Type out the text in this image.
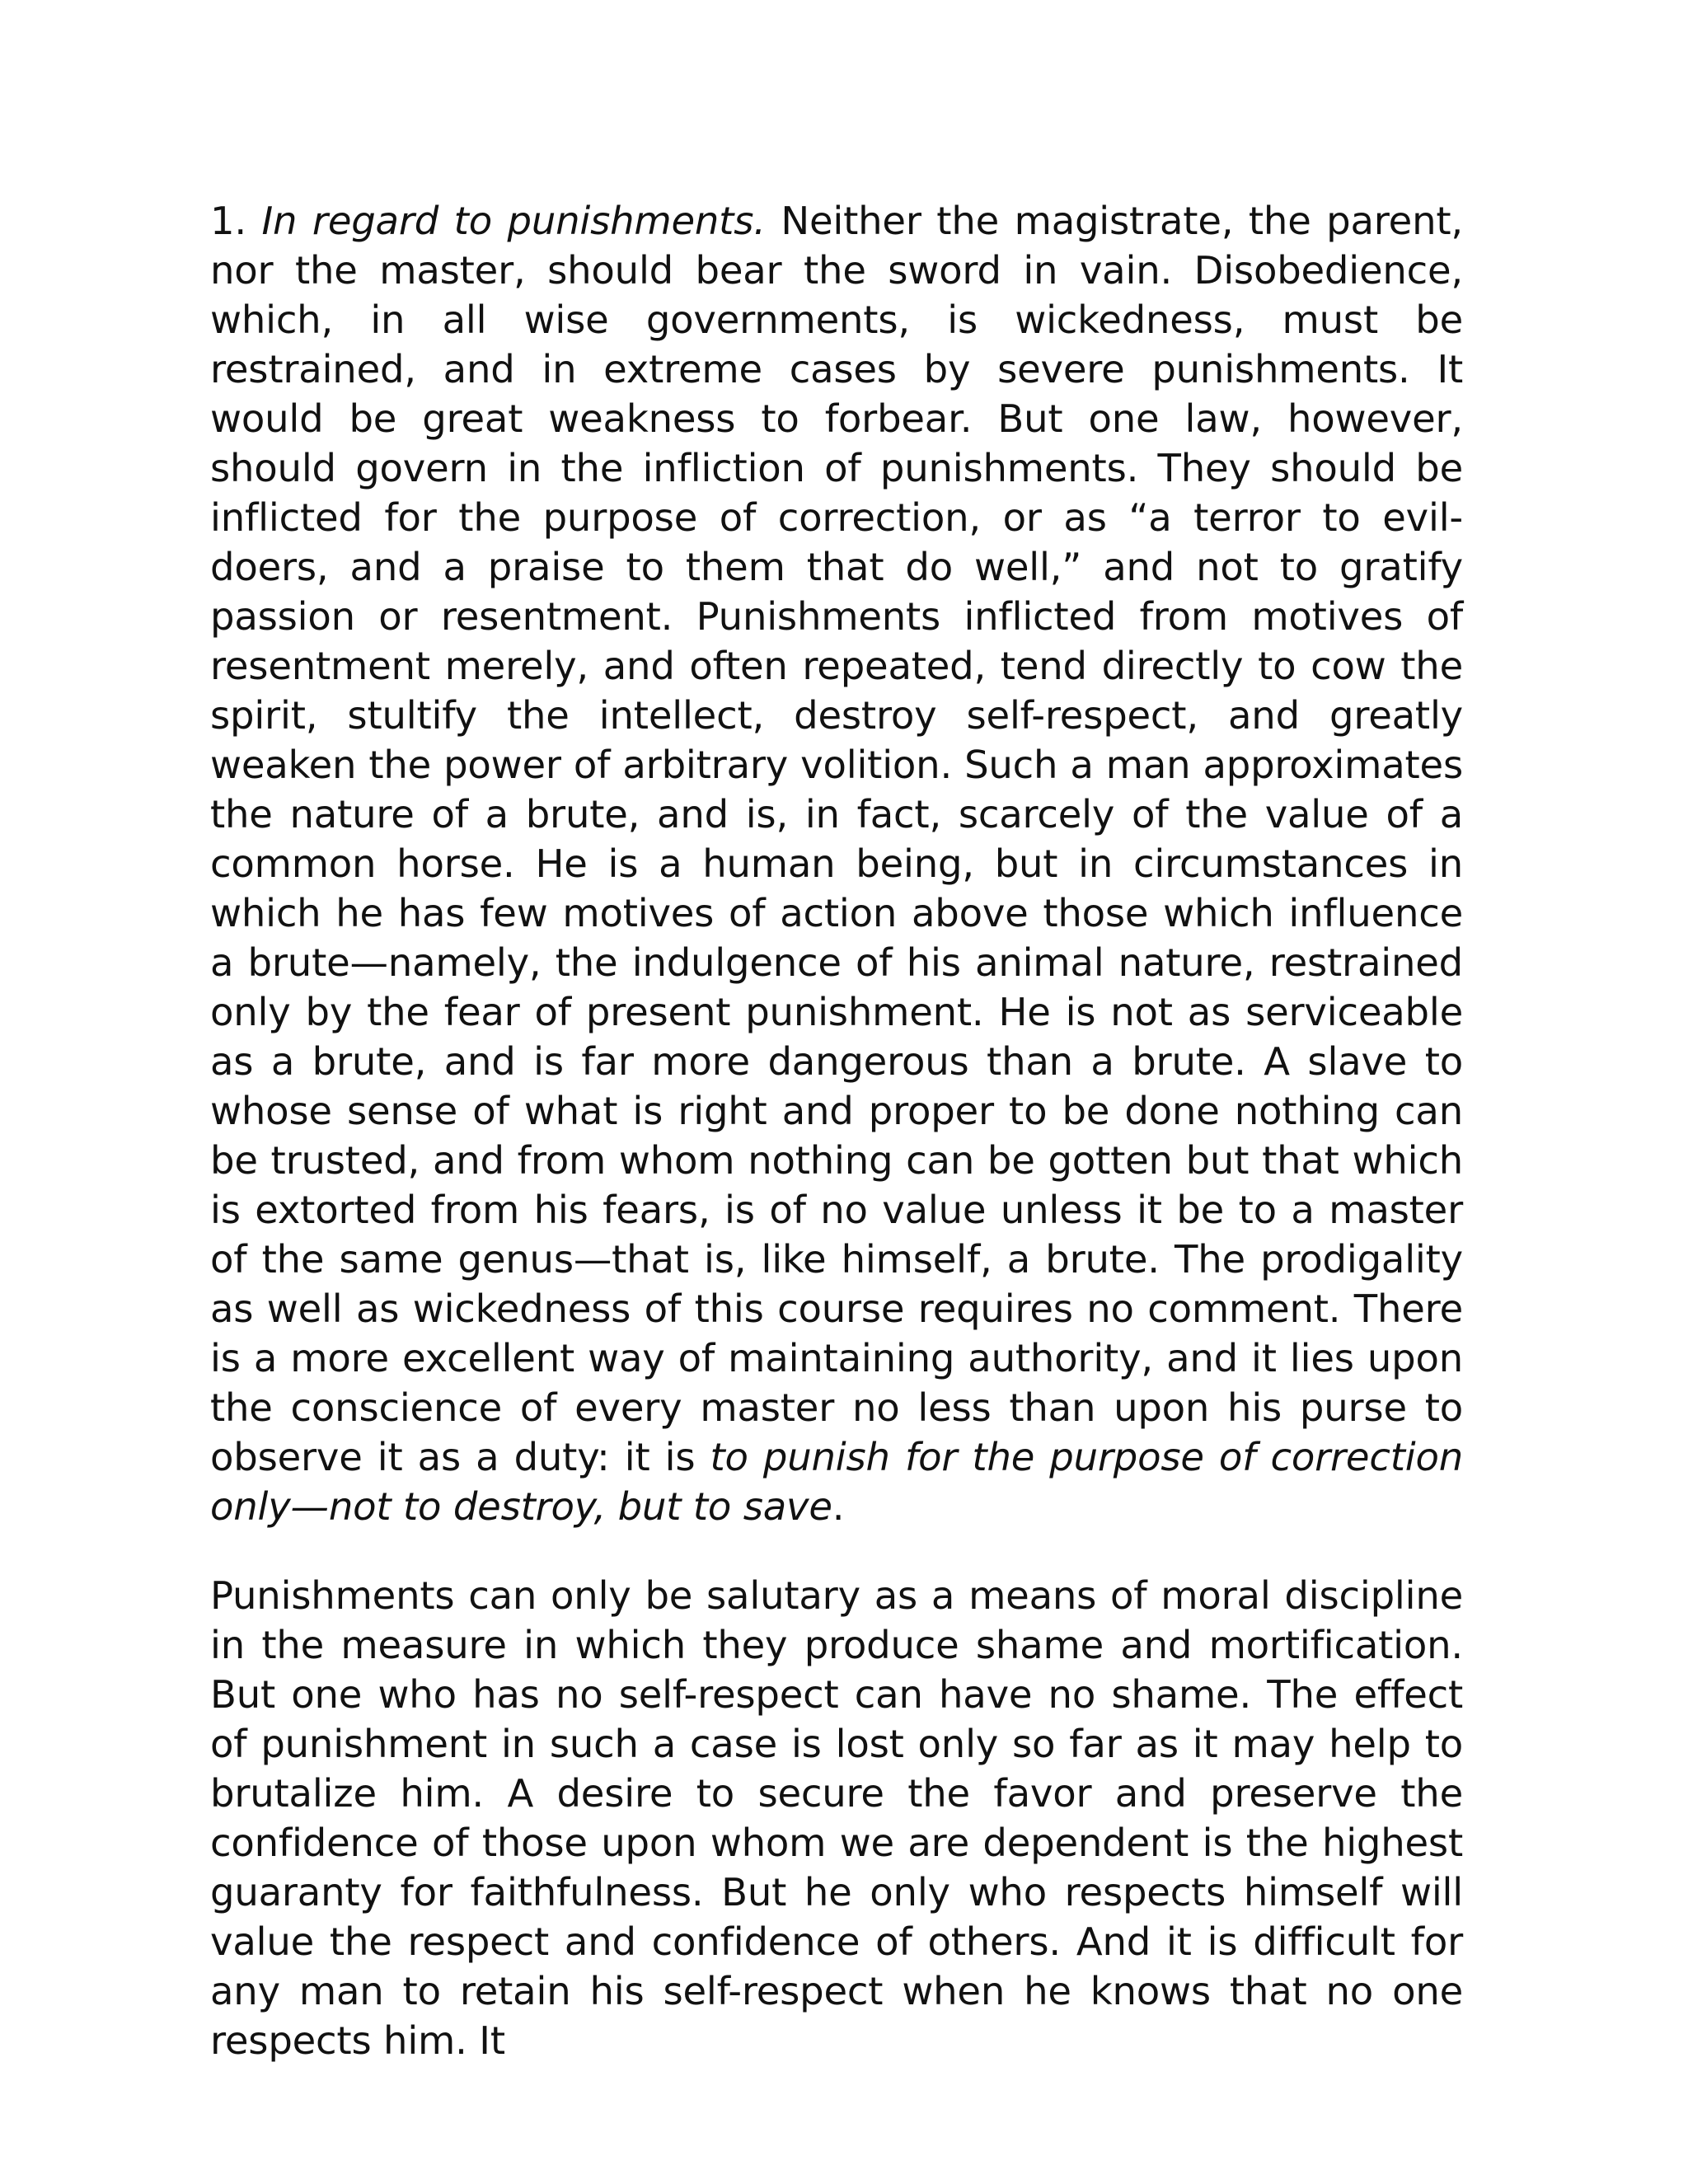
1. In regard to punishments. Neither the magistrate, the parent, nor the master, should bear the sword in vain. Disobedience, which, in all wise governments, is wickedness, must be restrained, and in extreme cases by severe punishments. It would be great weakness to forbear. But one law, however, should govern in the infliction of punishments. They should be inflicted for the purpose of correction, or as “a terror to evil-doers, and a praise to them that do well,” and not to gratify passion or resentment. Punishments inflicted from motives of resentment merely, and often repeated, tend directly to cow the spirit, stultify the intellect, destroy self-respect, and greatly weaken the power of arbitrary volition. Such a man approximates the nature of a brute, and is, in fact, scarcely of the value of a common horse. He is a human being, but in circumstances in which he has few motives of action above those which influence a brute—namely, the indulgence of his animal nature, restrained only by the fear of present punishment. He is not as serviceable as a brute, and is far more dangerous than a brute. A slave to whose sense of what is right and proper to be done nothing can be trusted, and from whom nothing can be gotten but that which is extorted from his fears, is of no value unless it be to a master of the same genus—that is, like himself, a brute. The prodigality as well as wickedness of this course requires no comment. There is a more excellent way of maintaining authority, and it lies upon the conscience of every master no less than upon his purse to observe it as a duty: it is to punish for the purpose of correction only—not to destroy, but to save.

Punishments can only be salutary as a means of moral discipline in the measure in which they produce shame and mortification. But one who has no self-respect can have no shame. The effect of punishment in such a case is lost only so far as it may help to brutalize him. A desire to secure the favor and preserve the confidence of those upon whom we are dependent is the highest guaranty for faithfulness. But he only who respects himself will value the respect and confidence of others. And it is difficult for any man to retain his self-respect when he knows that no one respects him. It
